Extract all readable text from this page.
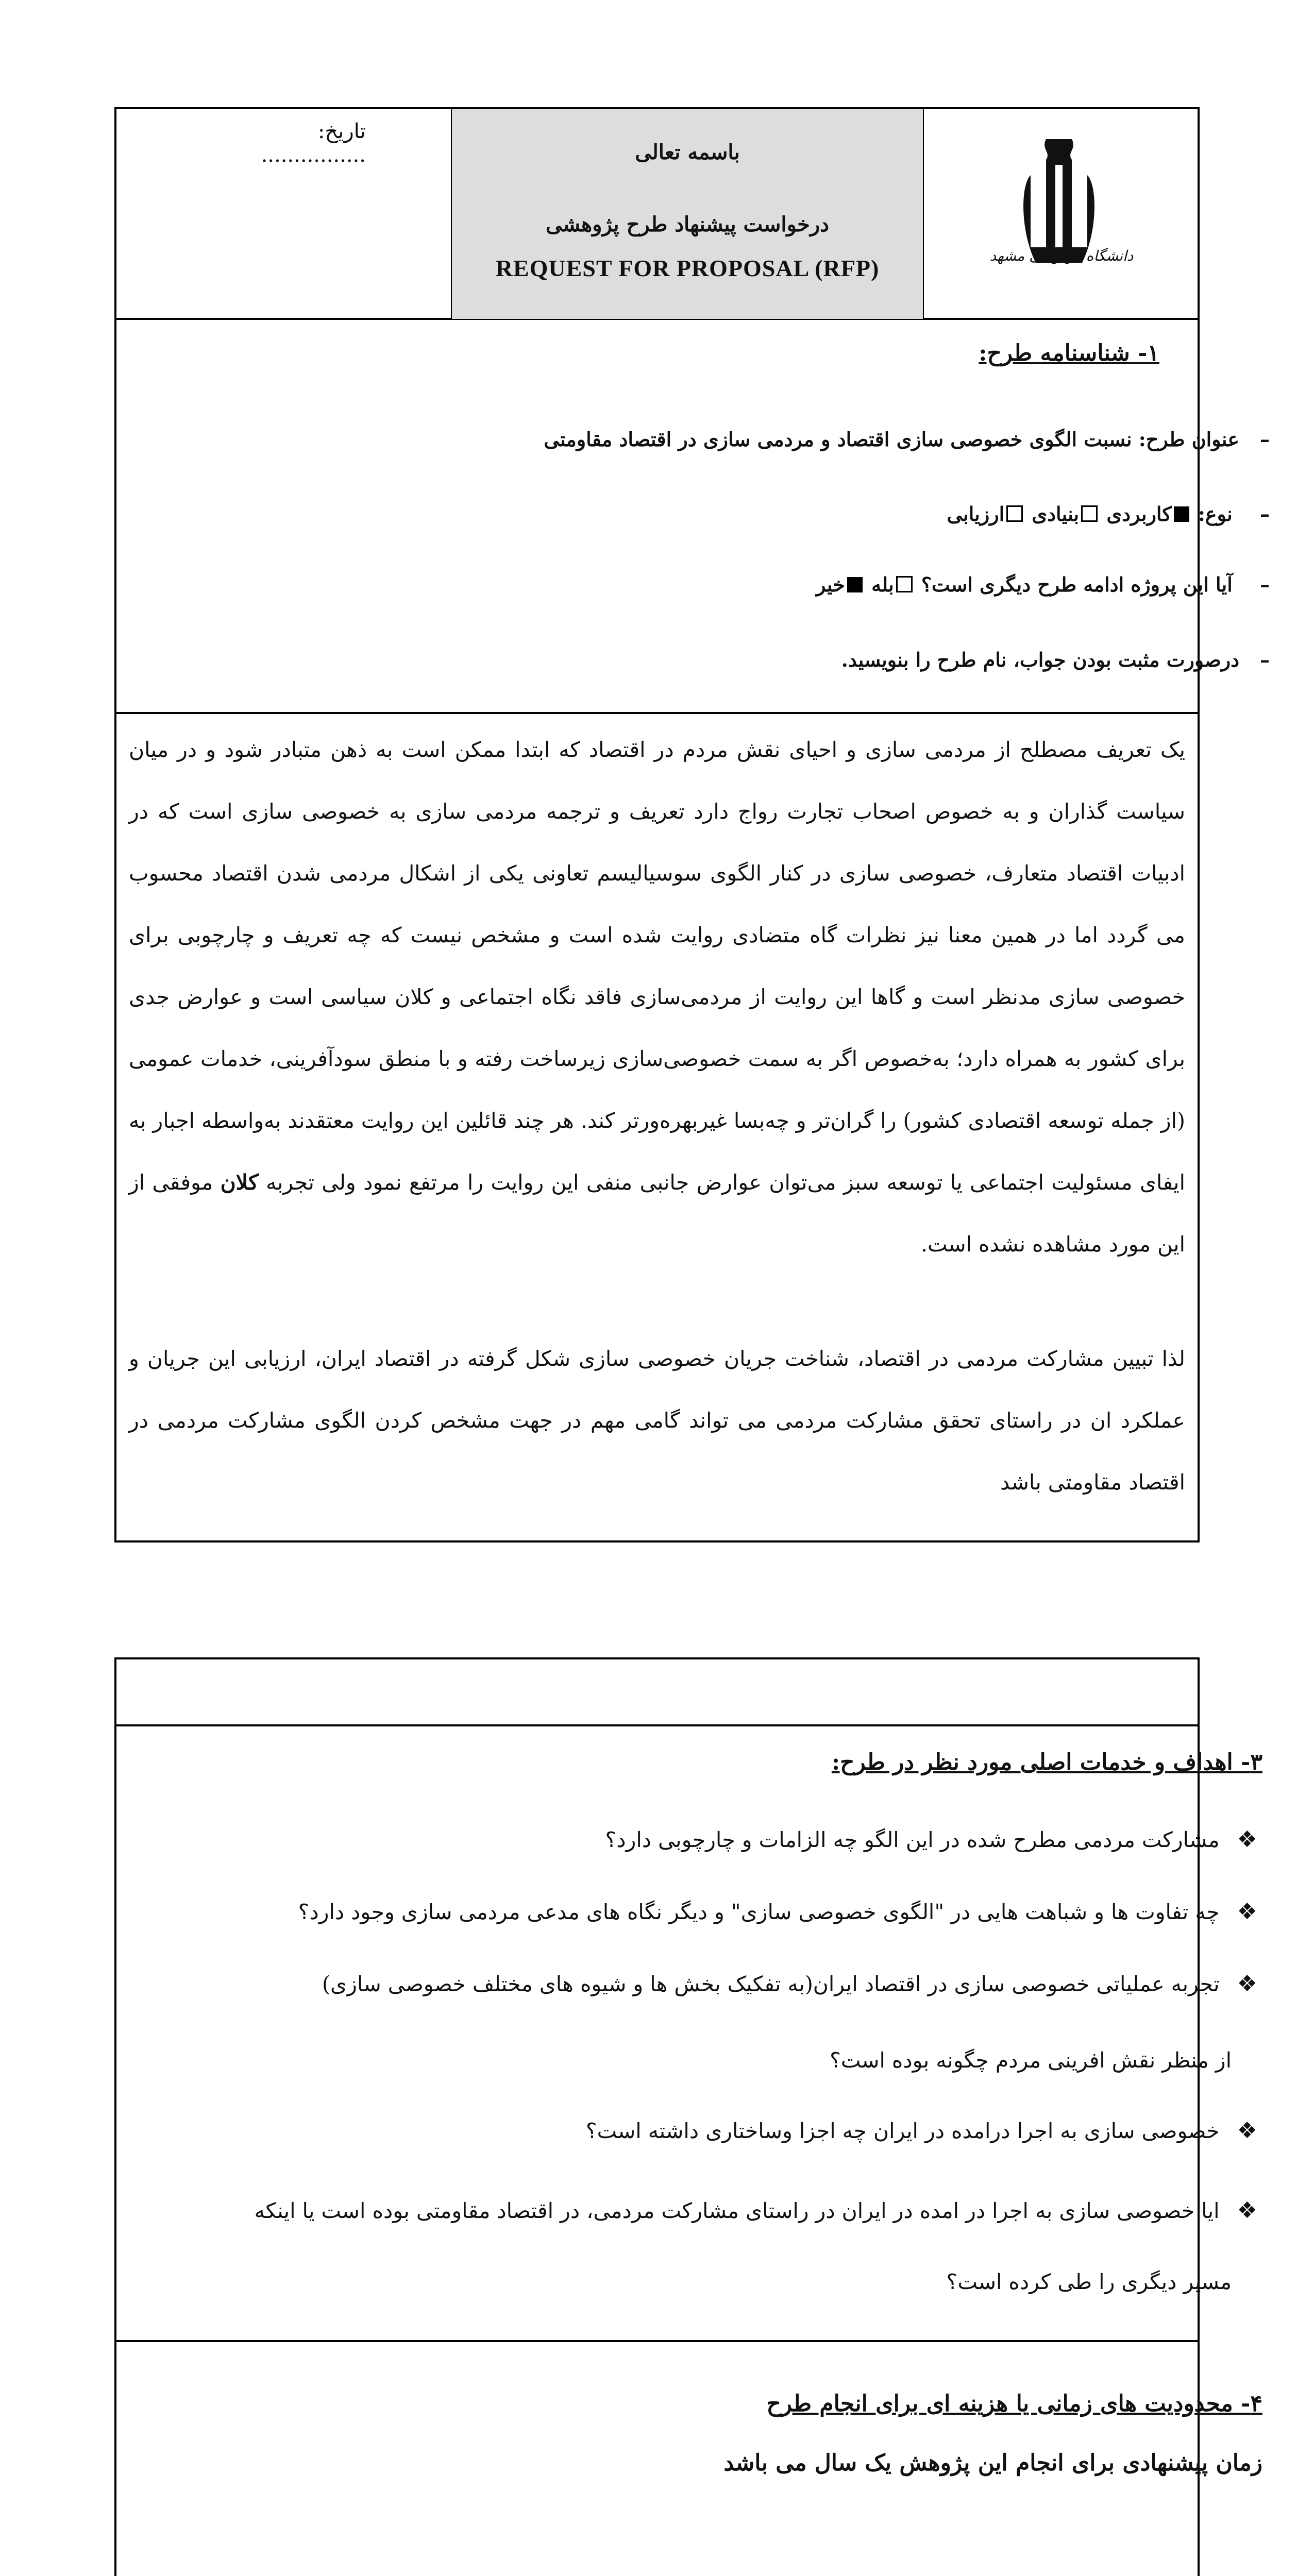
تاریخ: ................	باسمه تعالی
درخواست پیشنهاد طرح پژوهشی
REQUEST FOR PROPOSAL (RFP)	دانشگاه فردوسی مشهد
۱- شناسنامه طرح:
–عنوان طرح: نسبت الگوی خصوصی سازی اقتصاد و مردمی سازی در اقتصاد مقاومتی
– نوع: کاربردی بنیادی ارزیابی
– آیا این پروژه ادامه طرح دیگری است؟ بله خیر
–درصورت مثبت بودن جواب، نام طرح را بنویسید.
یک تعریف مصطلح از مردمی سازی و احیای نقش مردم در اقتصاد که ابتدا ممکن است به ذهن متبادر شود و در میان سیاست گذاران و به خصوص اصحاب تجارت رواج دارد تعریف و ترجمه مردمی سازی به خصوصی سازی است که در ادبیات اقتصاد متعارف، خصوصی سازی در کنار الگوی سوسیالیسم تعاونی یکی از اشکال مردمی شدن اقتصاد محسوب می گردد اما در همین معنا نیز نظرات گاه متضادی روایت شده است و مشخص نیست که چه تعریف و چارچوبی برای خصوصی سازی مدنظر است و گاها این روایت از مردمی‌سازی فاقد نگاه اجتماعی و کلان سیاسی است و عوارض جدی برای کشور به همراه دارد؛ به‌خصوص اگر به سمت خصوصی‌سازی زیرساخت رفته و با منطق سودآفرینی، خدمات عمومی (از جمله توسعه اقتصادی کشور) را گران‌تر و چه‌بسا غیربهره‌ورتر کند. هر چند قائلین این روایت معتقدند به‌واسطه اجبار به ایفای مسئولیت اجتماعی یا توسعه سبز می‌توان عوارض جانبی منفی این روایت را مرتفع نمود ولی تجربه کلان موفقی از این مورد مشاهده نشده است.
لذا تبیین مشارکت مردمی در اقتصاد، شناخت جریان خصوصی سازی شکل گرفته در اقتصاد ایران، ارزیابی این جریان و عملکرد ان در راستای تحقق مشارکت مردمی می تواند گامی مهم در جهت مشخص کردن الگوی مشارکت مردمی در اقتصاد مقاومتی باشد
۳- اهداف و خدمات اصلی مورد نظر در طرح:
❖مشارکت مردمی مطرح شده در این الگو چه الزامات و چارچوبی دارد؟
❖چه تفاوت ها و شباهت هایی در "الگوی خصوصی سازی" و دیگر نگاه های مدعی مردمی سازی وجود دارد؟
❖تجربه عملیاتی خصوصی سازی در اقتصاد ایران(به تفکیک بخش ها و شیوه های مختلف خصوصی سازی)
از منظر نقش افرینی مردم چگونه بوده است؟
❖خصوصی سازی به اجرا درامده در ایران چه اجزا وساختاری داشته است؟
❖ایا خصوصی سازی به اجرا در امده در ایران در راستای مشارکت مردمی، در اقتصاد مقاومتی بوده است یا اینکه
مسیر دیگری را طی کرده است؟
۴- محدودیت های زمانی یا هزینه ای برای انجام طرح
زمان پیشنهادی برای انجام این پژوهش یک سال می باشد
